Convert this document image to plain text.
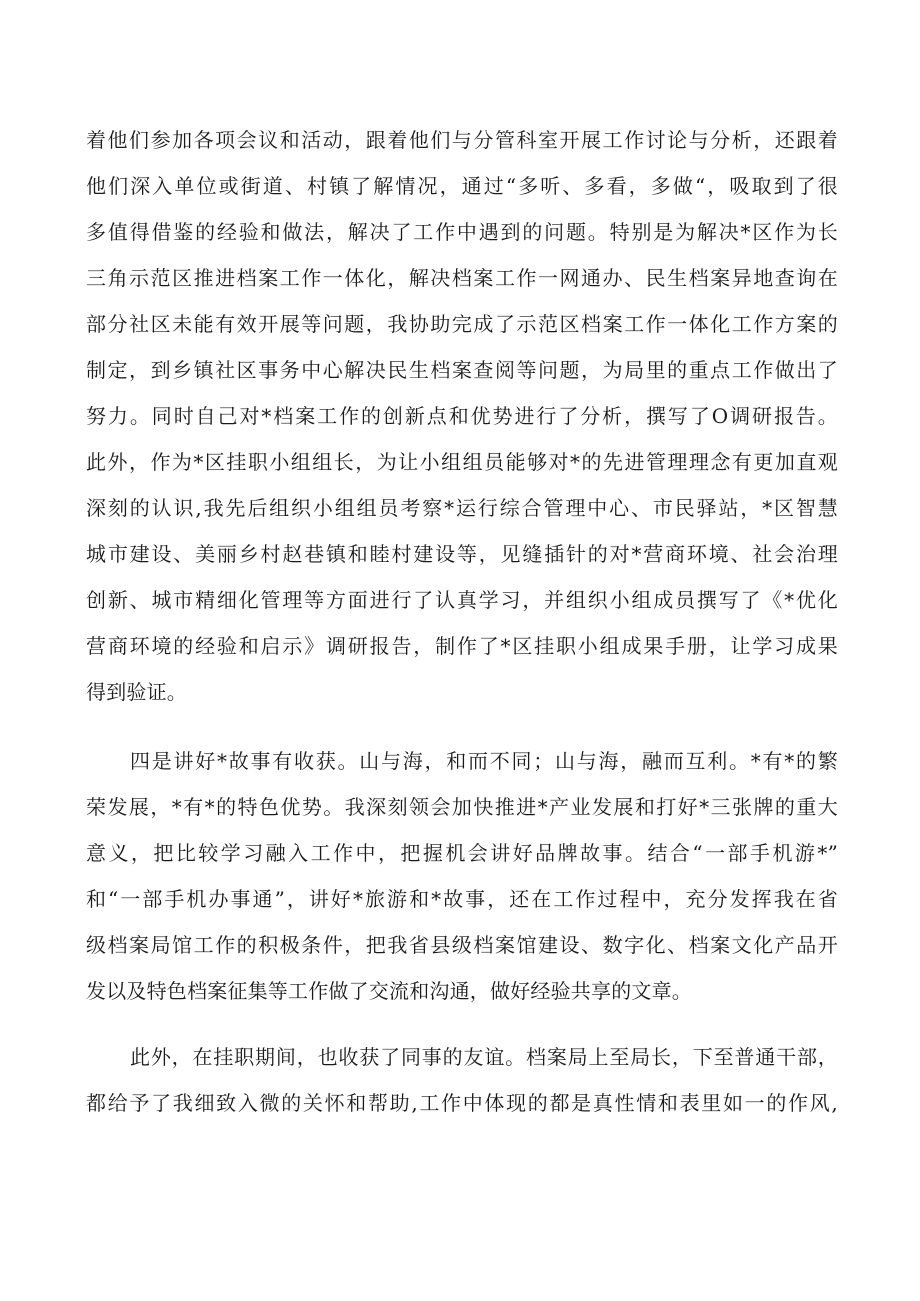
着他们参加各项会议和活动，跟着他们与分管科室开展工作讨论与分析，还跟着
他们深入单位或街道、村镇了解情况，通过“多听、多看，多做“，吸取到了很
多值得借鉴的经验和做法，解决了工作中遇到的问题。特别是为解决*区作为长
三角示范区推进档案工作一体化，解决档案工作一网通办、民生档案异地查询在
部分社区未能有效开展等问题，我协助完成了示范区档案工作一体化工作方案的
制定，到乡镇社区事务中心解决民生档案查阅等问题，为局里的重点工作做出了
努力。同时自己对*档案工作的创新点和优势进行了分析，撰写了O调研报告。
此外，作为*区挂职小组组长，为让小组组员能够对*的先进管理理念有更加直观
深刻的认识,我先后组织小组组员考察*运行综合管理中心、市民驿站，*区智慧
城市建设、美丽乡村赵巷镇和睦村建设等，见缝插针的对*营商环境、社会治理
创新、城市精细化管理等方面进行了认真学习，并组织小组成员撰写了《*优化
营商环境的经验和启示》调研报告，制作了*区挂职小组成果手册，让学习成果
得到验证。
四是讲好*故事有收获。山与海，和而不同；山与海，融而互利。*有*的繁
荣发展，*有*的特色优势。我深刻领会加快推进*产业发展和打好*三张牌的重大
意义，把比较学习融入工作中，把握机会讲好品牌故事。结合“一部手机游*”
和“一部手机办事通”，讲好*旅游和*故事，还在工作过程中，充分发挥我在省
级档案局馆工作的积极条件，把我省县级档案馆建设、数字化、档案文化产品开
发以及特色档案征集等工作做了交流和沟通，做好经验共享的文章。
此外，在挂职期间，也收获了同事的友谊。档案局上至局长，下至普通干部，
都给予了我细致入微的关怀和帮助,工作中体现的都是真性情和表里如一的作风,
